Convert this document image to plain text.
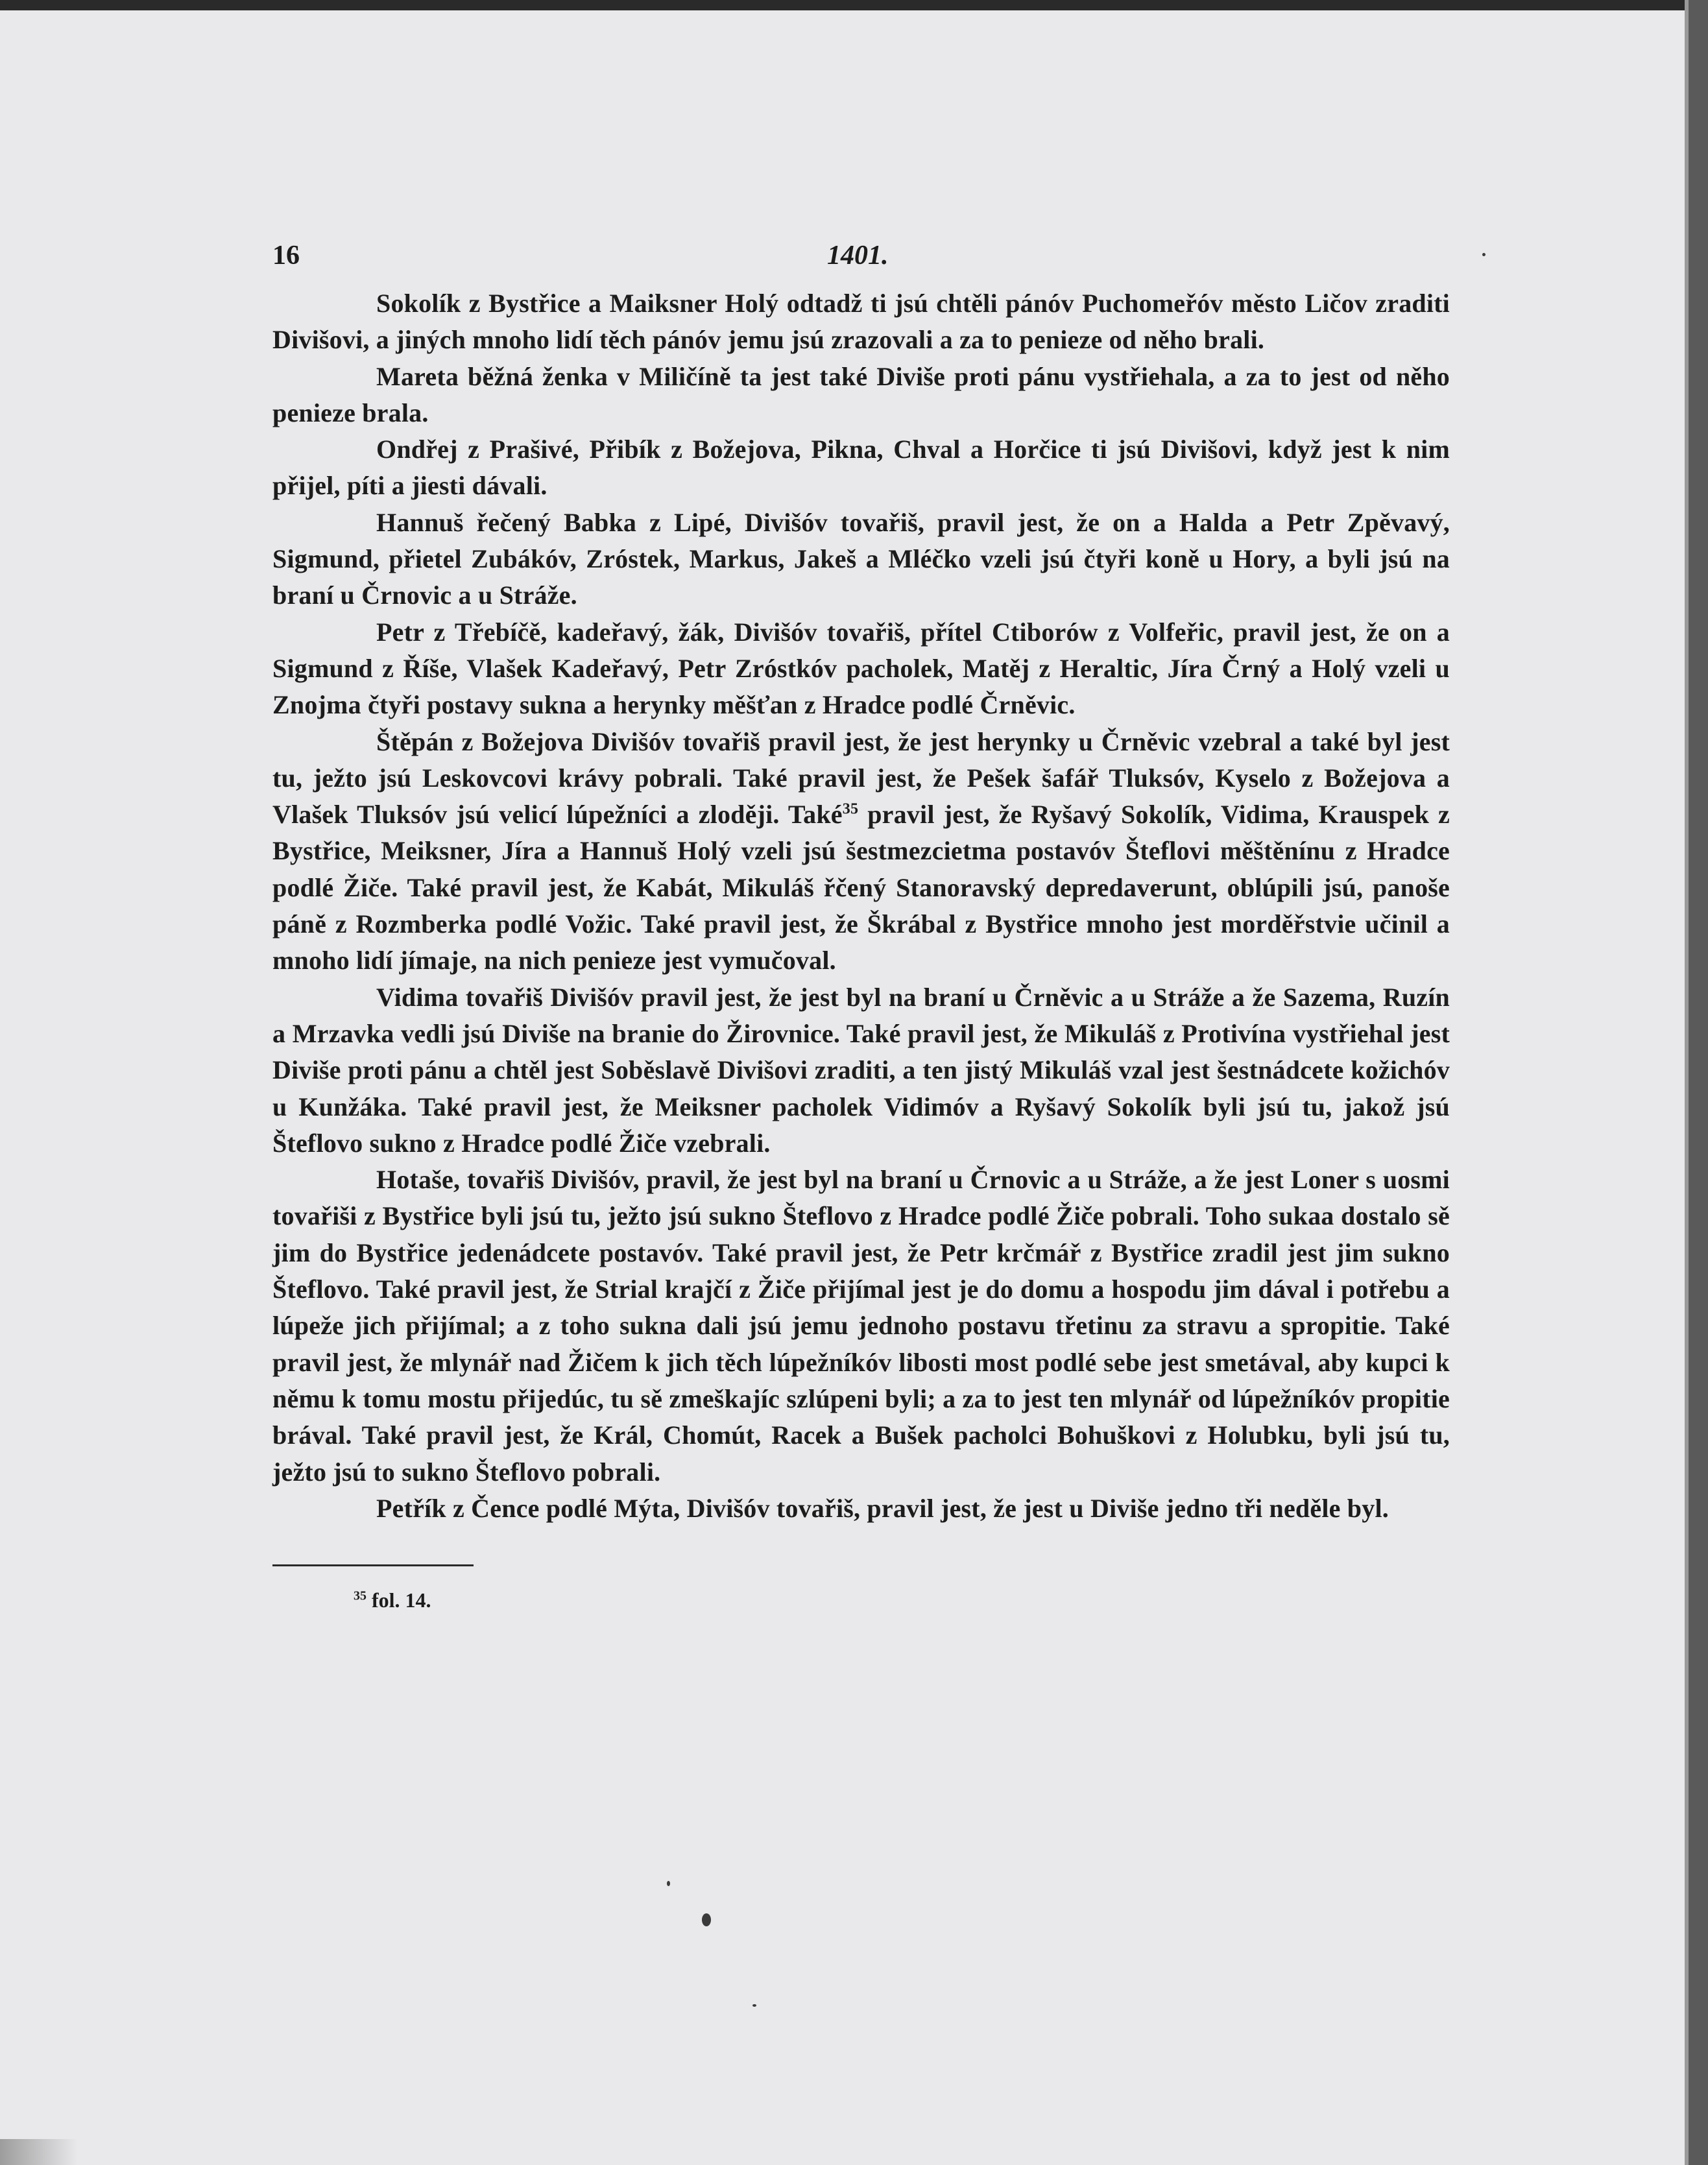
16	1401.

Sokolík z Bystřice a Maiksner Holý odtadž ti jsú chtěli pánóv Puchomeřóv město Ličov zraditi Divišovi, a jiných mnoho lidí těch pánóv jemu jsú zrazovali a za to penieze od něho brali.

Mareta běžná ženka v Miličíně ta jest také Diviše proti pánu vystřiehala, a za to jest od něho penieze brala.

Ondřej z Prašivé, Přibík z Božejova, Pikna, Chval a Horčice ti jsú Divišovi, když jest k nim přijel, píti a jiesti dávali.

Hannuš řečený Babka z Lipé, Divišóv tovařiš, pravil jest, že on a Halda a Petr Zpěvavý, Sigmund, přietel Zubákóv, Zróstek, Markus, Jakeš a Mléčko vzeli jsú čtyři koně u Hory, a byli jsú na braní u Črnovic a u Stráže.

Petr z Třebíčě, kadeřavý, žák, Divišóv tovařiš, přítel Ctiborów z Volfeřic, pravil jest, že on a Sigmund z Říše, Vlašek Kadeřavý, Petr Zróstkóv pacholek, Matěj z Heraltic, Jíra Črný a Holý vzeli u Znojma čtyři postavy sukna a herynky měšťan z Hradce podlé Črněvic.

Štěpán z Božejova Divišóv tovařiš pravil jest, že jest herynky u Črněvic vzebral a také byl jest tu, ježto jsú Leskovcovi krávy pobrali. Také pravil jest, že Pešek šafář Tluksóv, Kyselo z Božejova a Vlašek Tluksóv jsú velicí lúpežníci a zloději. Také$^{35}$ pravil jest, že Ryšavý Sokolík, Vidima, Krauspek z Bystřice, Meiksner, Jíra a Hannuš Holý vzeli jsú šestmezcietma postavóv Šteflovi měštěnínu z Hradce podlé Žiče. Také pravil jest, že Kabát, Mikuláš řčený Stanoravský depredaverunt, oblúpili jsú, panoše páně z Rozmberka podlé Vožic. Také pravil jest, že Škrábal z Bystřice mnoho jest morděřstvie učinil a mnoho lidí jímaje, na nich penieze jest vymučoval.

Vidima tovařiš Divišóv pravil jest, že jest byl na braní u Črněvic a u Stráže a že Sazema, Ruzín a Mrzavka vedli jsú Diviše na branie do Žirovnice. Také pravil jest, že Mikuláš z Protivína vystřiehal jest Diviše proti pánu a chtěl jest Soběslavě Divišovi zraditi, a ten jistý Mikuláš vzal jest šestnádcete kožichóv u Kunžáka. Také pravil jest, že Meiksner pacholek Vidimóv a Ryšavý Sokolík byli jsú tu, jakož jsú Šteflovo sukno z Hradce podlé Žiče vzebrali.

Hotaše, tovařiš Divišóv, pravil, že jest byl na braní u Črnovic a u Stráže, a že jest Loner s uosmi tovařiši z Bystřice byli jsú tu, ježto jsú sukno Šteflovo z Hradce podlé Žiče pobrali. Toho sukaa dostalo sě jim do Bystřice jedenádcete postavóv. Také pravil jest, že Petr krčmář z Bystřice zradil jest jim sukno Šteflovo. Také pravil jest, že Strial krajčí z Žiče přijímal jest je do domu a hospodu jim dával i potřebu a lúpeže jich přijímal; a z toho sukna dali jsú jemu jednoho postavu třetinu za stravu a spropitie. Také pravil jest, že mlynář nad Žičem k jich těch lúpežníkóv libosti most podlé sebe jest smetával, aby kupci k němu k tomu mostu přijedúc, tu sě zmeškajíc szlúpeni byli; a za to jest ten mlynář od lúpežníkóv propitie brával. Také pravil jest, že Král, Chomút, Racek a Bušek pacholci Bohuškovi z Holubku, byli jsú tu, ježto jsú to sukno Šteflovo pobrali.

Petřík z Čence podlé Mýta, Divišóv tovařiš, pravil jest, že jest u Diviše jedno tři neděle byl.

$^{35}$ fol. 14.
